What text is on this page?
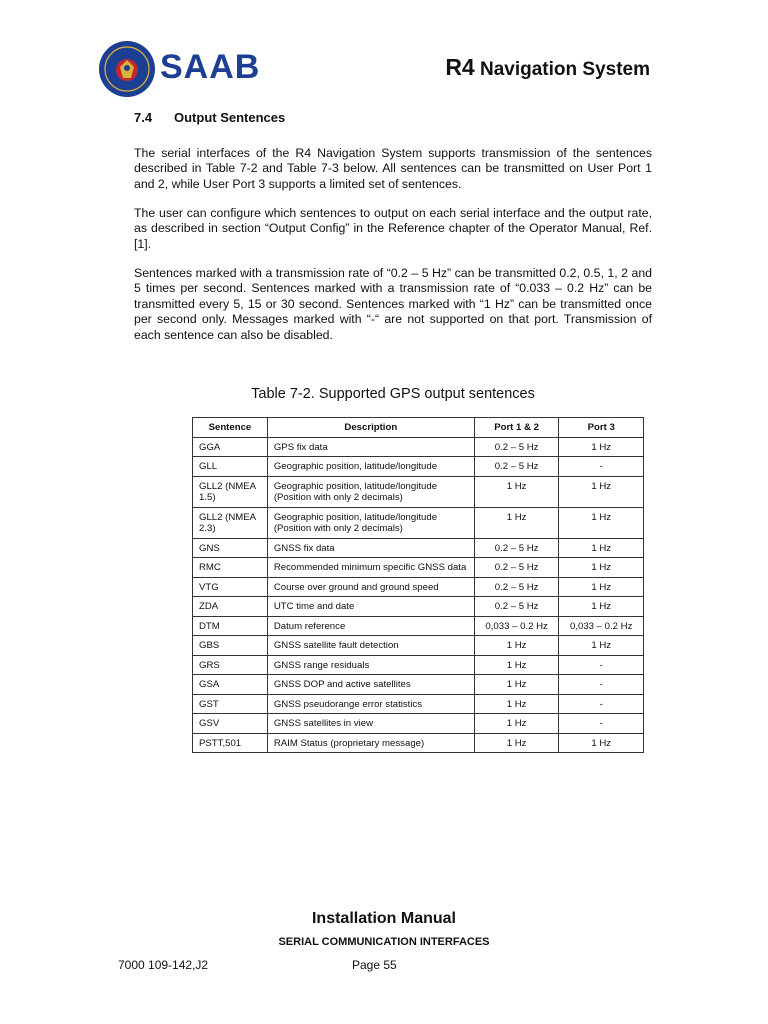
SAAB	R4 Navigation System
7.4 Output Sentences

The serial interfaces of the R4 Navigation System supports transmission of the sentences described in Table 7-2 and Table 7-3 below. All sentences can be transmitted on User Port 1 and 2, while User Port 3 supports a limited set of sentences.

The user can configure which sentences to output on each serial interface and the output rate, as described in section “Output Config” in the Reference chapter of the Operator Manual, Ref. [1].

Sentences marked with a transmission rate of “0.2 – 5 Hz” can be transmitted 0.2, 0.5, 1, 2 and 5 times per second. Sentences marked with a transmission rate of “0.033 – 0.2 Hz” can be transmitted every 5, 15 or 30 second. Sentences marked with “1 Hz” can be transmitted once per second only. Messages marked with “-“ are not supported on that port. Transmission of each sentence can also be disabled.

Table 7-2. Supported GPS output sentences
Sentence	Description	Port 1 & 2	Port 3
GGA	GPS fix data	0.2 – 5 Hz	1 Hz
GLL	Geographic position, latitude/longitude	0.2 – 5 Hz	-
GLL2 (NMEA 1.5)	Geographic position, latitude/longitude (Position with only 2 decimals)	1 Hz	1 Hz
GLL2 (NMEA 2.3)	Geographic position, latitude/longitude (Position with only 2 decimals)	1 Hz	1 Hz
GNS	GNSS fix data	0.2 – 5 Hz	1 Hz
RMC	Recommended minimum specific GNSS data	0.2 – 5 Hz	1 Hz
VTG	Course over ground and ground speed	0.2 – 5 Hz	1 Hz
ZDA	UTC time and date	0.2 – 5 Hz	1 Hz
DTM	Datum reference	0,033 – 0.2 Hz	0,033 – 0.2 Hz
GBS	GNSS satellite fault detection	1 Hz	1 Hz
GRS	GNSS range residuals	1 Hz	-
GSA	GNSS DOP and active satellites	1 Hz	-
GST	GNSS pseudorange error statistics	1 Hz	-
GSV	GNSS satellites in view	1 Hz	-
PSTT,501	RAIM Status (proprietary message)	1 Hz	1 Hz
Installation Manual
SERIAL COMMUNICATION INTERFACES
7000 109-142,J2	Page 55
